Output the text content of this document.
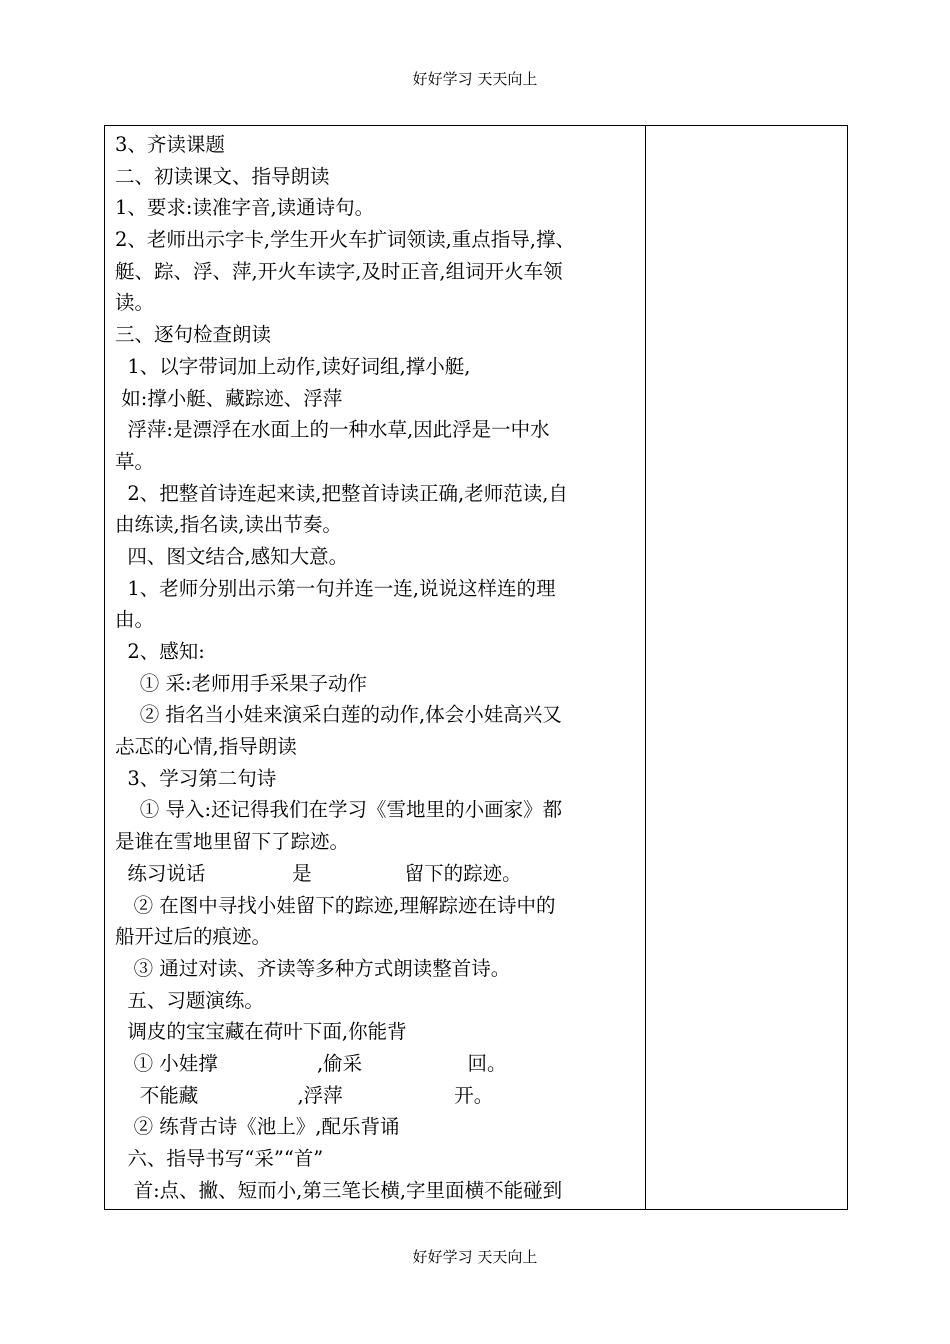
好好学习 天天向上
3、齐读课题
二、初读课文、指导朗读
1、要求:读准字音,读通诗句。
2、老师出示字卡,学生开火车扩词领读,重点指导,撑、
艇、踪、浮、萍,开火车读字,及时正音,组词开火车领
读。
三、逐句检查朗读
1、以字带词加上动作,读好词组,撑小艇,
如:撑小艇、藏踪迹、浮萍
浮萍:是漂浮在水面上的一种水草,因此浮是一中水
草。
2、把整首诗连起来读,把整首诗读正确,老师范读,自
由练读,指名读,读出节奏。
四、图文结合,感知大意。
1、老师分别出示第一句并连一连,说说这样连的理
由。
2、感知:
① 采:老师用手采果子动作
② 指名当小娃来演采白莲的动作,体会小娃高兴又
忐忑的心情,指导朗读
3、学习第二句诗
① 导入:还记得我们在学习《雪地里的小画家》都
是谁在雪地里留下了踪迹。
练习说话              是               留下的踪迹。
② 在图中寻找小娃留下的踪迹,理解踪迹在诗中的
船开过后的痕迹。
③ 通过对读、齐读等多种方式朗读整首诗。
五、习题演练。
调皮的宝宝藏在荷叶下面,你能背
① 小娃撑                ,偷采                 回。
不能藏                ,浮萍                  开。
② 练背古诗《池上》,配乐背诵
六、指导书写“采”“首”
首:点、撇、短而小,第三笔长横,字里面横不能碰到
好好学习 天天向上
